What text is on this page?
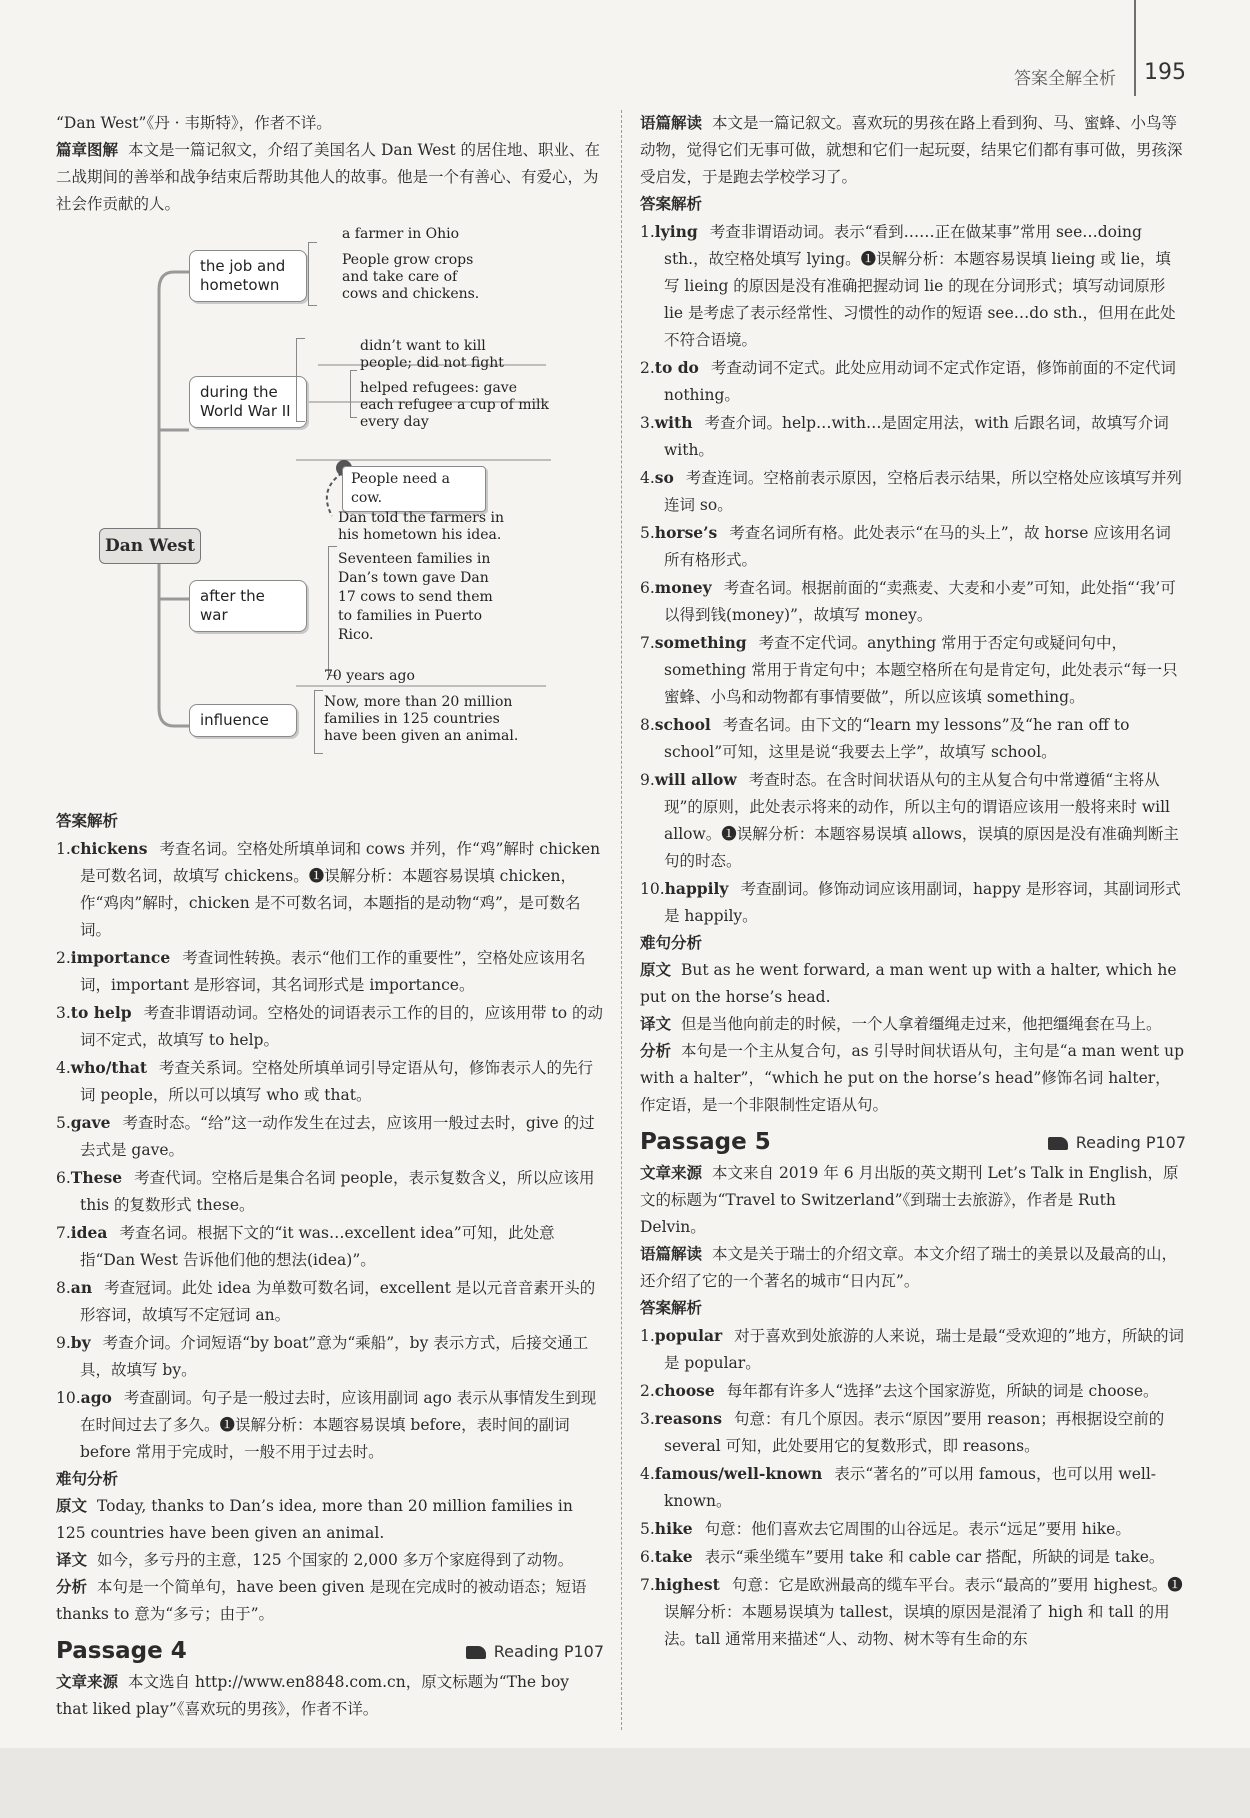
答案全解全析 195

“Dan West”《丹 · 韦斯特》，作者不详。

篇章图解 本文是一篇记叙文，介绍了美国名人 Dan West 的居住地、职业、在二战期间的善举和战争结束后帮助其他人的故事。他是一个有善心、有爱心，为社会作贡献的人。

the job and hometown
a farmer in Ohio
People grow crops and take care of cows and chickens.
during the World War II
didn’t want to kill people; did not fight
helped refugees: gave each refugee a cup of milk every day
People need a cow.
Dan told the farmers in his hometown his idea.
after the war
Seventeen families in Dan’s town gave Dan 17 cows to send them to families in Puerto Rico.
influence
70 years ago
Now, more than 20 million families in 125 countries have been given an animal.
Dan West

答案解析

1.chickens 考查名词。空格处所填单词和 cows 并列，作“鸡”解时 chicken 是可数名词，故填写 chickens。❶误解分析：本题容易误填 chicken，作“鸡肉”解时，chicken 是不可数名词，本题指的是动物“鸡”，是可数名词。

2.importance 考查词性转换。表示“他们工作的重要性”，空格处应该用名词，important 是形容词，其名词形式是 importance。

3.to help 考查非谓语动词。空格处的词语表示工作的目的，应该用带 to 的动词不定式，故填写 to help。

4.who/that 考查关系词。空格处所填单词引导定语从句，修饰表示人的先行词 people，所以可以填写 who 或 that。

5.gave 考查时态。“给”这一动作发生在过去，应该用一般过去时，give 的过去式是 gave。

6.These 考查代词。空格后是集合名词 people，表示复数含义，所以应该用 this 的复数形式 these。

7.idea 考查名词。根据下文的“it was…excellent idea”可知，此处意指“Dan West 告诉他们他的想法(idea)”。

8.an 考查冠词。此处 idea 为单数可数名词，excellent 是以元音音素开头的形容词，故填写不定冠词 an。

9.by 考查介词。介词短语“by boat”意为“乘船”，by 表示方式，后接交通工具，故填写 by。

10.ago 考查副词。句子是一般过去时，应该用副词 ago 表示从事情发生到现在时间过去了多久。❶误解分析：本题容易误填 before，表时间的副词 before 常用于完成时，一般不用于过去时。

难句分析

原文 Today, thanks to Dan’s idea, more than 20 million families in 125 countries have been given an animal.

译文 如今，多亏丹的主意，125 个国家的 2,000 多万个家庭得到了动物。

分析 本句是一个简单句，have been given 是现在完成时的被动语态；短语 thanks to 意为“多亏；由于”。

Passage 4	Reading P107

文章来源 本文选自 http://www.en8848.com.cn，原文标题为“The boy that liked play”《喜欢玩的男孩》，作者不详。

语篇解读 本文是一篇记叙文。喜欢玩的男孩在路上看到狗、马、蜜蜂、小鸟等动物，觉得它们无事可做，就想和它们一起玩耍，结果它们都有事可做，男孩深受启发，于是跑去学校学习了。

答案解析

1.lying 考查非谓语动词。表示“看到……正在做某事”常用 see…doing sth.，故空格处填写 lying。❶误解分析：本题容易误填 lieing 或 lie，填写 lieing 的原因是没有准确把握动词 lie 的现在分词形式；填写动词原形 lie 是考虑了表示经常性、习惯性的动作的短语 see…do sth.，但用在此处不符合语境。

2.to do 考查动词不定式。此处应用动词不定式作定语，修饰前面的不定代词 nothing。

3.with 考查介词。help…with…是固定用法，with 后跟名词，故填写介词 with。

4.so 考查连词。空格前表示原因，空格后表示结果，所以空格处应该填写并列连词 so。

5.horse’s 考查名词所有格。此处表示“在马的头上”，故 horse 应该用名词所有格形式。

6.money 考查名词。根据前面的“卖燕麦、大麦和小麦”可知，此处指“‘我’可以得到钱(money)”，故填写 money。

7.something 考查不定代词。anything 常用于否定句或疑问句中，something 常用于肯定句中；本题空格所在句是肯定句，此处表示“每一只蜜蜂、小鸟和动物都有事情要做”，所以应该填 something。

8.school 考查名词。由下文的“learn my lessons”及“he ran off to school”可知，这里是说“我要去上学”，故填写 school。

9.will allow 考查时态。在含时间状语从句的主从复合句中常遵循“主将从现”的原则，此处表示将来的动作，所以主句的谓语应该用一般将来时 will allow。❶误解分析：本题容易误填 allows，误填的原因是没有准确判断主句的时态。

10.happily 考查副词。修饰动词应该用副词，happy 是形容词，其副词形式是 happily。

难句分析

原文 But as he went forward, a man went up with a halter, which he put on the horse’s head.

译文 但是当他向前走的时候，一个人拿着缰绳走过来，他把缰绳套在马上。

分析 本句是一个主从复合句，as 引导时间状语从句，主句是“a man went up with a halter”，“which he put on the horse’s head”修饰名词 halter，作定语，是一个非限制性定语从句。

Passage 5	Reading P107

文章来源 本文来自 2019 年 6 月出版的英文期刊 Let’s Talk in English，原文的标题为“Travel to Switzerland”《到瑞士去旅游》，作者是 Ruth Delvin。

语篇解读 本文是关于瑞士的介绍文章。本文介绍了瑞士的美景以及最高的山，还介绍了它的一个著名的城市“日内瓦”。

答案解析

1.popular 对于喜欢到处旅游的人来说，瑞士是最“受欢迎的”地方，所缺的词是 popular。

2.choose 每年都有许多人“选择”去这个国家游览，所缺的词是 choose。

3.reasons 句意：有几个原因。表示“原因”要用 reason；再根据设空前的 several 可知，此处要用它的复数形式，即 reasons。

4.famous/well-known 表示“著名的”可以用 famous，也可以用 well-known。

5.hike 句意：他们喜欢去它周围的山谷远足。表示“远足”要用 hike。

6.take 表示“乘坐缆车”要用 take 和 cable car 搭配，所缺的词是 take。

7.highest 句意：它是欧洲最高的缆车平台。表示“最高的”要用 highest。❶误解分析：本题易误填为 tallest，误填的原因是混淆了 high 和 tall 的用法。tall 通常用来描述“人、动物、树木等有生命的东
